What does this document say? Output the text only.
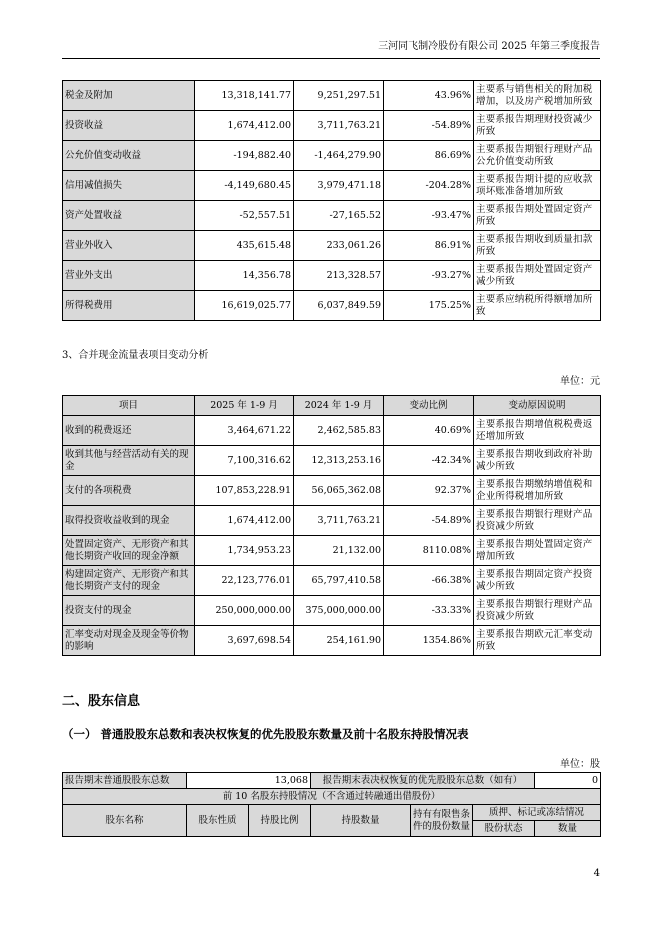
三河同飞制冷股份有限公司 2025 年第三季度报告
税金及附加	13,318,141.77	9,251,297.51	43.96%	主要系与销售相关的附加税增加，以及房产税增加所致
投资收益	1,674,412.00	3,711,763.21	-54.89%	主要系报告期理财投资减少所致
公允价值变动收益	-194,882.40	-1,464,279.90	86.69%	主要系报告期银行理财产品公允价值变动所致
信用减值损失	-4,149,680.45	3,979,471.18	-204.28%	主要系报告期计提的应收款项坏账准备增加所致
资产处置收益	-52,557.51	-27,165.52	-93.47%	主要系报告期处置固定资产所致
营业外收入	435,615.48	233,061.26	86.91%	主要系报告期收到质量扣款所致
营业外支出	14,356.78	213,328.57	-93.27%	主要系报告期处置固定资产减少所致
所得税费用	16,619,025.77	6,037,849.59	175.25%	主要系应纳税所得额增加所致
3、合并现金流量表项目变动分析
单位：元
项目	2025 年 1-9 月	2024 年 1-9 月	变动比例	变动原因说明
收到的税费返还	3,464,671.22	2,462,585.83	40.69%	主要系报告期增值税税费返还增加所致
收到其他与经营活动有关的现金	7,100,316.62	12,313,253.16	-42.34%	主要系报告期收到政府补助减少所致
支付的各项税费	107,853,228.91	56,065,362.08	92.37%	主要系报告期缴纳增值税和企业所得税增加所致
取得投资收益收到的现金	1,674,412.00	3,711,763.21	-54.89%	主要系报告期银行理财产品投资减少所致
处置固定资产、无形资产和其他长期资产收回的现金净额	1,734,953.23	21,132.00	8110.08%	主要系报告期处置固定资产增加所致
构建固定资产、无形资产和其他长期资产支付的现金	22,123,776.01	65,797,410.58	-66.38%	主要系报告期固定资产投资减少所致
投资支付的现金	250,000,000.00	375,000,000.00	-33.33%	主要系报告期银行理财产品投资减少所致
汇率变动对现金及现金等价物的影响	3,697,698.54	254,161.90	1354.86%	主要系报告期欧元汇率变动所致
二、股东信息
（一） 普通股股东总数和表决权恢复的优先股股东数量及前十名股东持股情况表
单位：股
报告期末普通股股东总数	13,068		报告期末表决权恢复的优先股股东总数（如有）			0
前 10 名股东持股情况（不含通过转融通出借股份）						
股东名称	股东性质	持股比例	持股数量	持有有限售条件的股份数量	质押、标记或冻结情况	
					股份状态	数量
4
